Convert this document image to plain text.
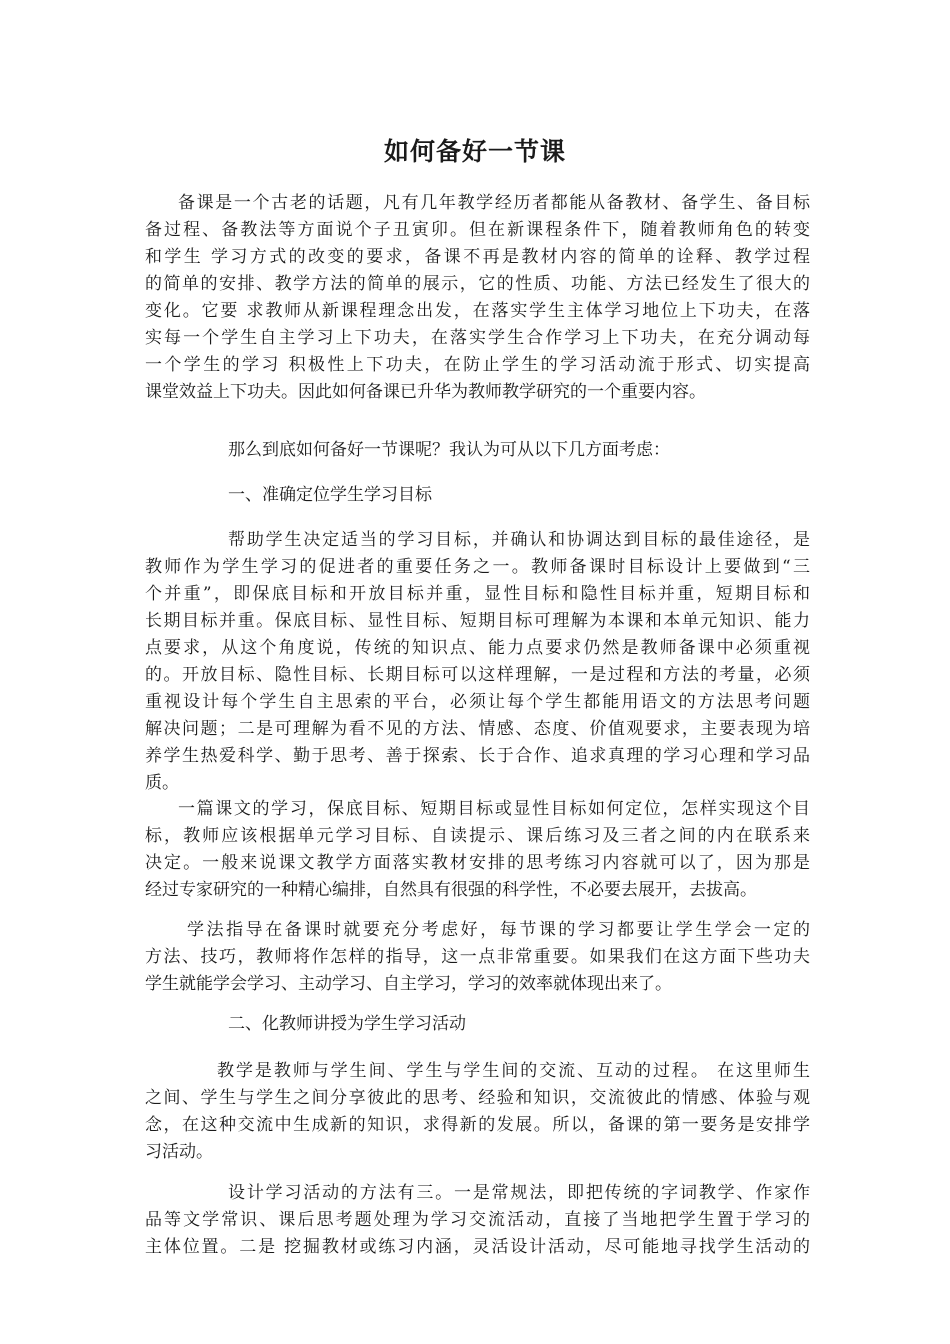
如何备好一节课

备课是一个古老的话题，凡有几年教学经历者都能从备教材、备学生、备目标
备过程、备教法等方面说个子丑寅卯。但在新课程条件下，随着教师角色的转变
和学生 学习方式的改变的要求，备课不再是教材内容的简单的诠释、教学过程
的简单的安排、教学方法的简单的展示，它的性质、功能、方法已经发生了很大的
变化。它要 求教师从新课程理念出发，在落实学生主体学习地位上下功夫，在落
实每一个学生自主学习上下功夫，在落实学生合作学习上下功夫，在充分调动每
一个学生的学习 积极性上下功夫，在防止学生的学习活动流于形式、切实提高
课堂效益上下功夫。因此如何备课已升华为教师教学研究的一个重要内容。

那么到底如何备好一节课呢？我认为可从以下几方面考虑：

一、准确定位学生学习目标

帮助学生决定适当的学习目标，并确认和协调达到目标的最佳途径，是
教师作为学生学习的促进者的重要任务之一。教师备课时目标设计上要做到“三
个并重”，即保底目标和开放目标并重，显性目标和隐性目标并重，短期目标和
长期目标并重。保底目标、显性目标、短期目标可理解为本课和本单元知识、能力
点要求，从这个角度说，传统的知识点、能力点要求仍然是教师备课中必须重视
的。开放目标、隐性目标、长期目标可以这样理解，一是过程和方法的考量，必须
重视设计每个学生自主思索的平台，必须让每个学生都能用语文的方法思考问题
解决问题；二是可理解为看不见的方法、情感、态度、价值观要求，主要表现为培
养学生热爱科学、勤于思考、善于探索、长于合作、追求真理的学习心理和学习品
质。

一篇课文的学习，保底目标、短期目标或显性目标如何定位，怎样实现这个目
标，教师应该根据单元学习目标、自读提示、课后练习及三者之间的内在联系来
决定。一般来说课文教学方面落实教材安排的思考练习内容就可以了，因为那是
经过专家研究的一种精心编排，自然具有很强的科学性，不必要去展开，去拔高。

学法指导在备课时就要充分考虑好，每节课的学习都要让学生学会一定的
方法、技巧，教师将作怎样的指导，这一点非常重要。如果我们在这方面下些功夫
学生就能学会学习、主动学习、自主学习，学习的效率就体现出来了。

二、化教师讲授为学生学习活动

教学是教师与学生间、学生与学生间的交流、互动的过程。 在这里师生
之间、学生与学生之间分享彼此的思考、经验和知识，交流彼此的情感、体验与观
念，在这种交流中生成新的知识，求得新的发展。所以，备课的第一要务是安排学
习活动。

设计学习活动的方法有三。一是常规法，即把传统的字词教学、作家作
品等文学常识、课后思考题处理为学习交流活动，直接了当地把学生置于学习的
主体位置。二是 挖掘教材或练习内涵，灵活设计活动，尽可能地寻找学生活动的
